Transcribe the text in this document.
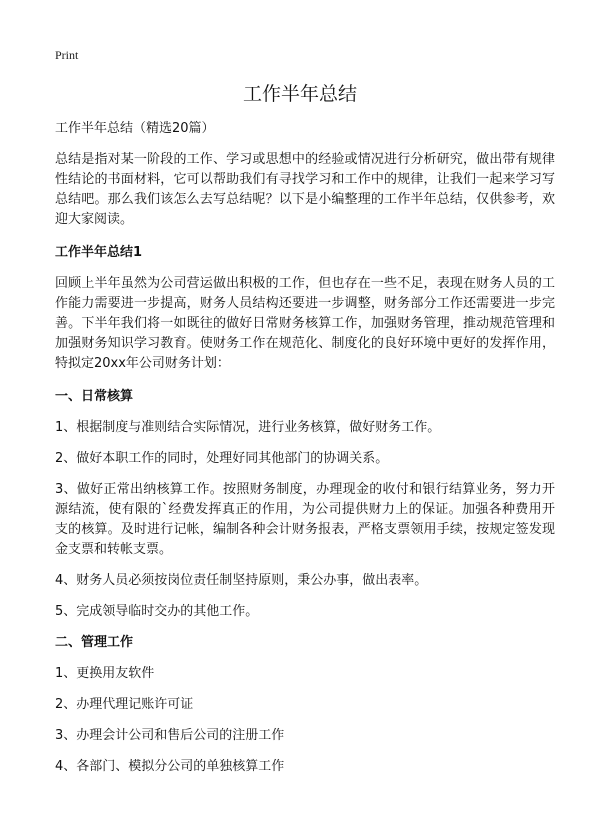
Print
工作半年总结

工作半年总结（精选20篇）

总结是指对某一阶段的工作、学习或思想中的经验或情况进行分析研究，做出带有规律性结论的书面材料，它可以帮助我们有寻找学习和工作中的规律，让我们一起来学习写总结吧。那么我们该怎么去写总结呢？以下是小编整理的工作半年总结，仅供参考，欢迎大家阅读。

工作半年总结1

回顾上半年虽然为公司营运做出积极的工作，但也存在一些不足，表现在财务人员的工作能力需要进一步提高，财务人员结构还要进一步调整，财务部分工作还需要进一步完善。下半年我们将一如既往的做好日常财务核算工作，加强财务管理，推动规范管理和加强财务知识学习教育。使财务工作在规范化、制度化的良好环境中更好的发挥作用，特拟定20xx年公司财务计划：

一、日常核算

1、根据制度与准则结合实际情况，进行业务核算，做好财务工作。

2、做好本职工作的同时，处理好同其他部门的协调关系。

3、做好正常出纳核算工作。按照财务制度，办理现金的收付和银行结算业务，努力开源结流，使有限的`经费发挥真正的作用，为公司提供财力上的保证。加强各种费用开支的核算。及时进行记帐，编制各种会计财务报表，严格支票领用手续，按规定签发现金支票和转帐支票。

4、财务人员必须按岗位责任制坚持原则，秉公办事，做出表率。

5、完成领导临时交办的其他工作。

二、管理工作

1、更换用友软件

2、办理代理记账许可证

3、办理会计公司和售后公司的注册工作

4、各部门、模拟分公司的单独核算工作
